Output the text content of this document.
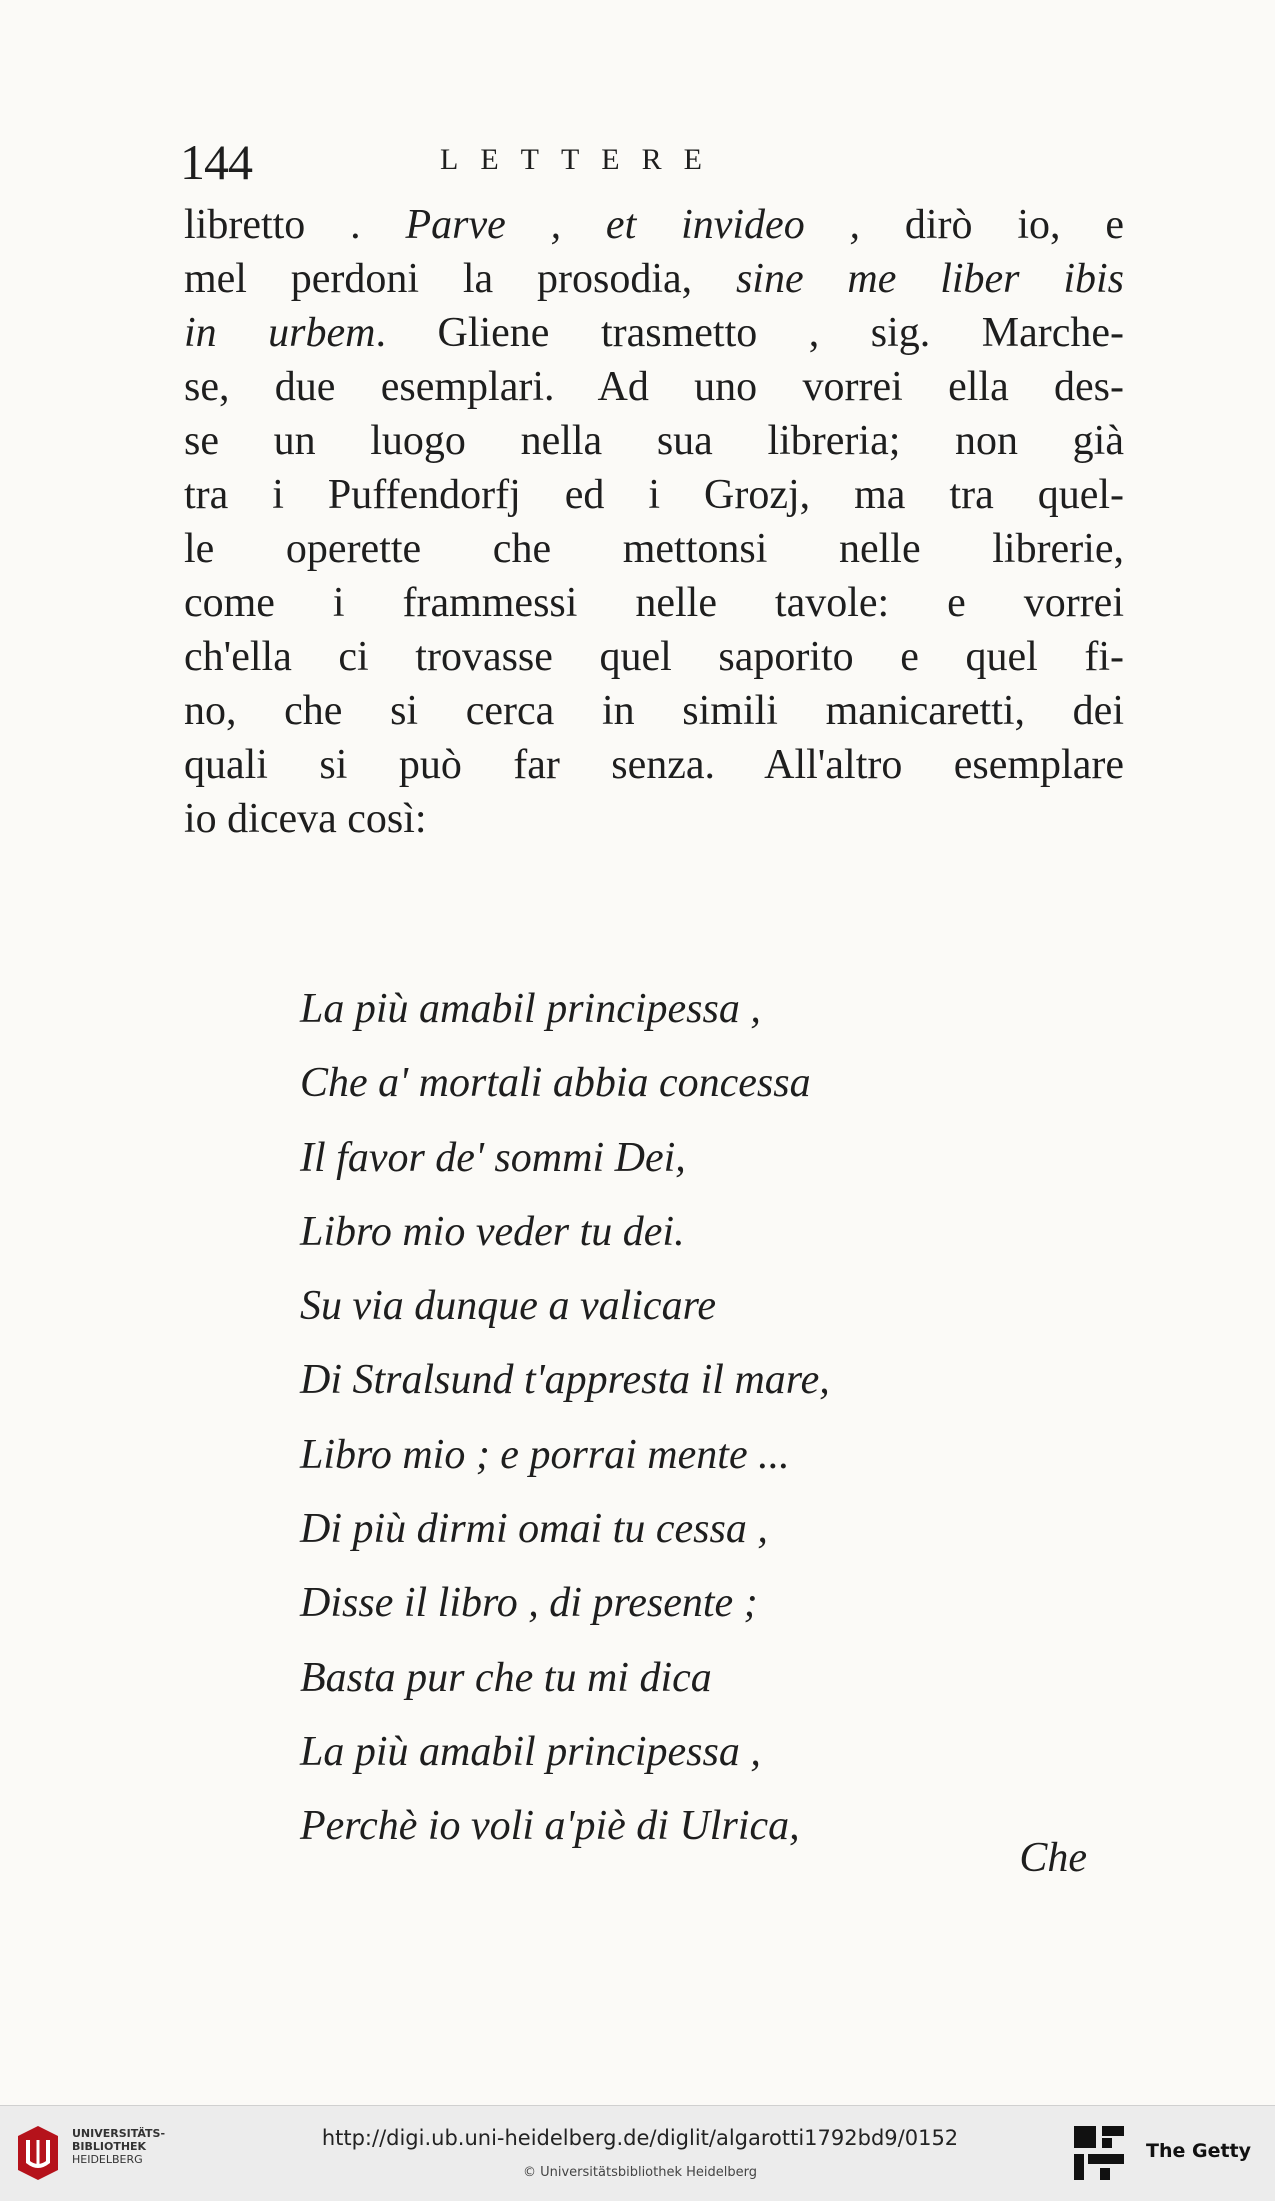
144	LETTERE
libretto . Parve , et invideo , dirò io, e
mel perdoni la prosodia, sine me liber ibis
in urbem. Gliene trasmetto , sig. Marche-
se, due esemplari. Ad uno vorrei ella des-
se un luogo nella sua libreria; non già
tra i Puffendorfj ed i Grozj, ma tra quel-
le operette che mettonsi nelle librerie,
come i frammessi nelle tavole: e vorrei
ch'ella ci trovasse quel saporito e quel fi-
no, che si cerca in simili manicaretti, dei
quali si può far senza. All'altro esemplare
io diceva così:
La più amabil principessa ,
Che a' mortali abbia concessa
Il favor de' sommi Dei,
Libro mio veder tu dei.
Su via dunque a valicare
Di Stralsund t'appresta il mare,
Libro mio ; e porrai mente ...
Di più dirmi omai tu cessa ,
Disse il libro , di presente ;
Basta pur che tu mi dica
La più amabil principessa ,
Perchè io voli a'piè di Ulrica,
Che
UNIVERSITÄTS-
BIBLIOTHEK
HEIDELBERG
http://digi.ub.uni-heidelberg.de/diglit/algarotti1792bd9/0152
© Universitätsbibliothek Heidelberg
The Getty
